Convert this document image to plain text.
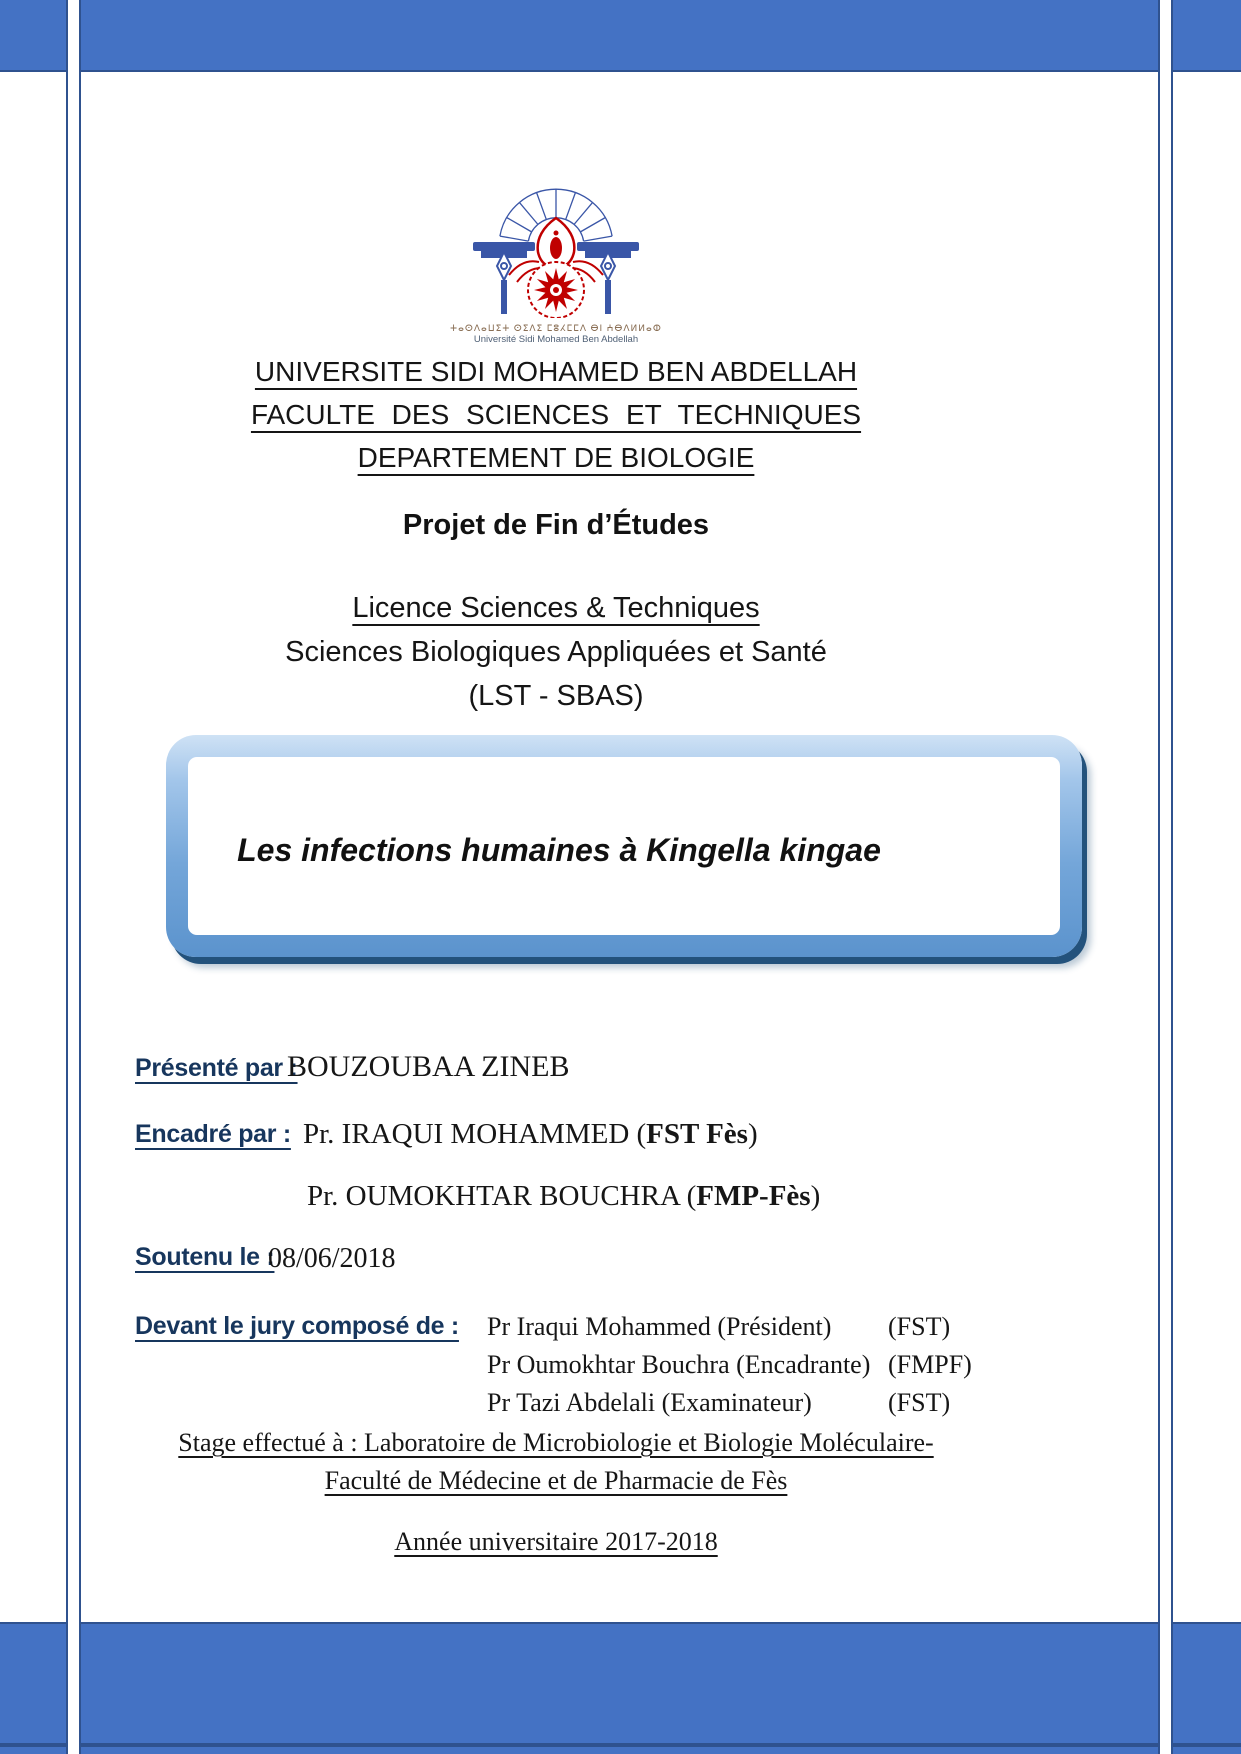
ⵜⴰⵙⴷⴰⵡⵉⵜ ⵙⵉⴷⵉ ⵎⵓⵃⵎⵎⴷ ⴱⵏ ⵄⴱⴷⵍⵍⴰⵀ
Université Sidi Mohamed Ben Abdellah
UNIVERSITE SIDI MOHAMED BEN ABDELLAH
FACULTE DES SCIENCES ET TECHNIQUES
DEPARTEMENT DE BIOLOGIE
Projet de Fin d’Études
Licence Sciences & Techniques
Sciences Biologiques Appliquées et Santé
(LST - SBAS)
Les infections humaines à Kingella kingae
Présenté par :
BOUZOUBAA ZINEB
Encadré par : Pr. IRAQUI MOHAMMED (FST Fès)
Pr. OUMOKHTAR BOUCHRA (FMP-Fès)
Soutenu le :
08/06/2018
Devant le jury composé de : Pr Iraqui Mohammed (Président) (FST)
Pr Oumokhtar Bouchra (Encadrante) (FMPF)
Pr Tazi Abdelali (Examinateur)	(FST)
Stage effectué à : Laboratoire de Microbiologie et Biologie Moléculaire-
Faculté de Médecine et de Pharmacie de Fès
Année universitaire 2017-2018
